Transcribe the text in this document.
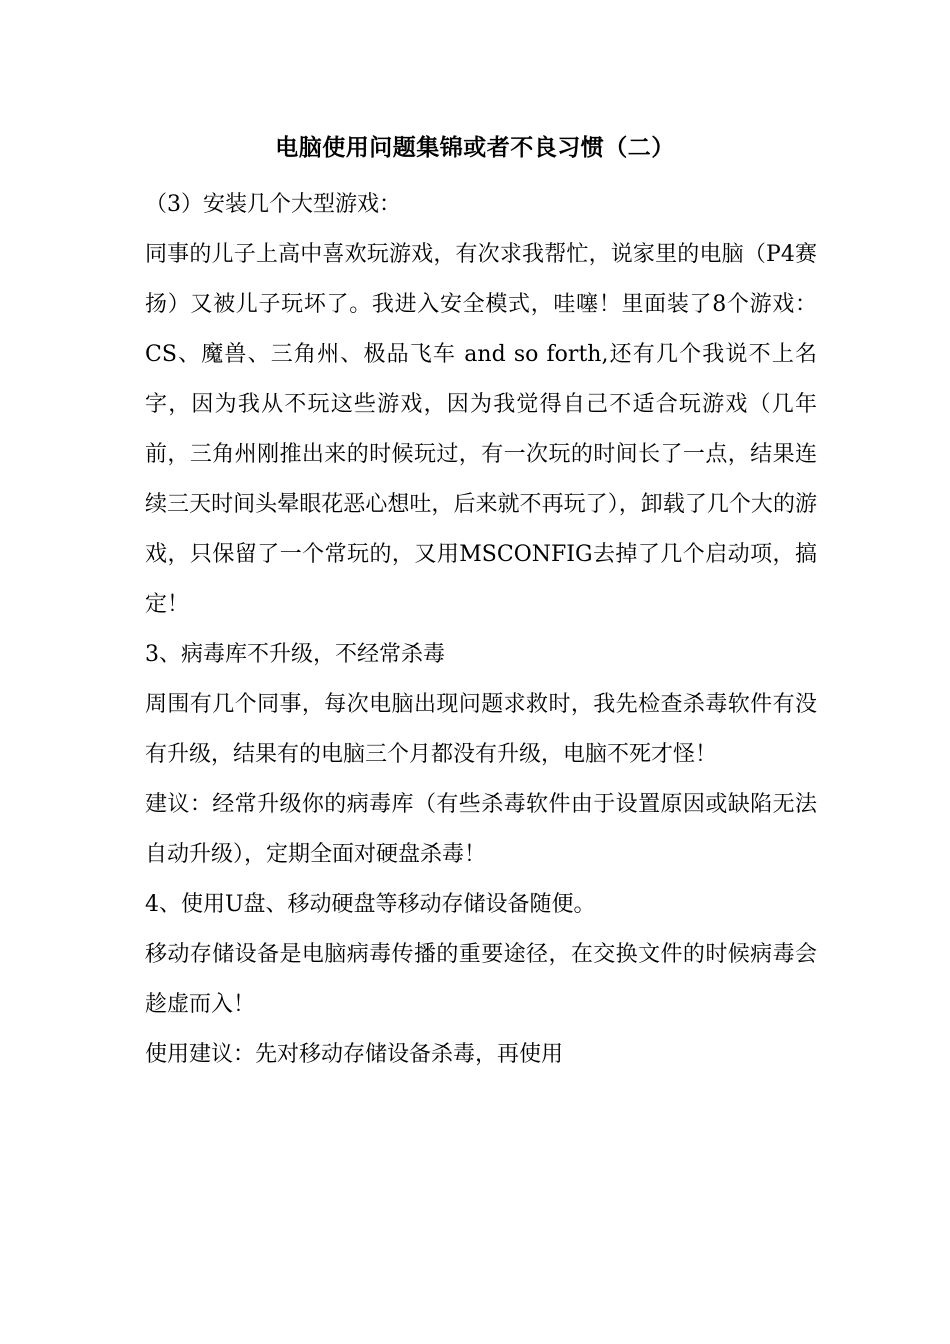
电脑使用问题集锦或者不良习惯（二）

（3）安装几个大型游戏：

同事的儿子上高中喜欢玩游戏，有次求我帮忙，说家里的电脑（P4赛扬）又被儿子玩坏了。我进入安全模式，哇噻！里面装了8个游戏：CS、魔兽、三角州、极品飞车 and so forth,还有几个我说不上名字，因为我从不玩这些游戏，因为我觉得自己不适合玩游戏（几年前，三角州刚推出来的时候玩过，有一次玩的时间长了一点，结果连续三天时间头晕眼花恶心想吐，后来就不再玩了），卸载了几个大的游戏，只保留了一个常玩的，又用MSCONFIG去掉了几个启动项，搞定！

3、病毒库不升级，不经常杀毒

周围有几个同事，每次电脑出现问题求救时，我先检查杀毒软件有没有升级，结果有的电脑三个月都没有升级，电脑不死才怪！

建议：经常升级你的病毒库（有些杀毒软件由于设置原因或缺陷无法自动升级），定期全面对硬盘杀毒！

4、使用U盘、移动硬盘等移动存储设备随便。

移动存储设备是电脑病毒传播的重要途径，在交换文件的时候病毒会趁虚而入！

使用建议：先对移动存储设备杀毒，再使用
